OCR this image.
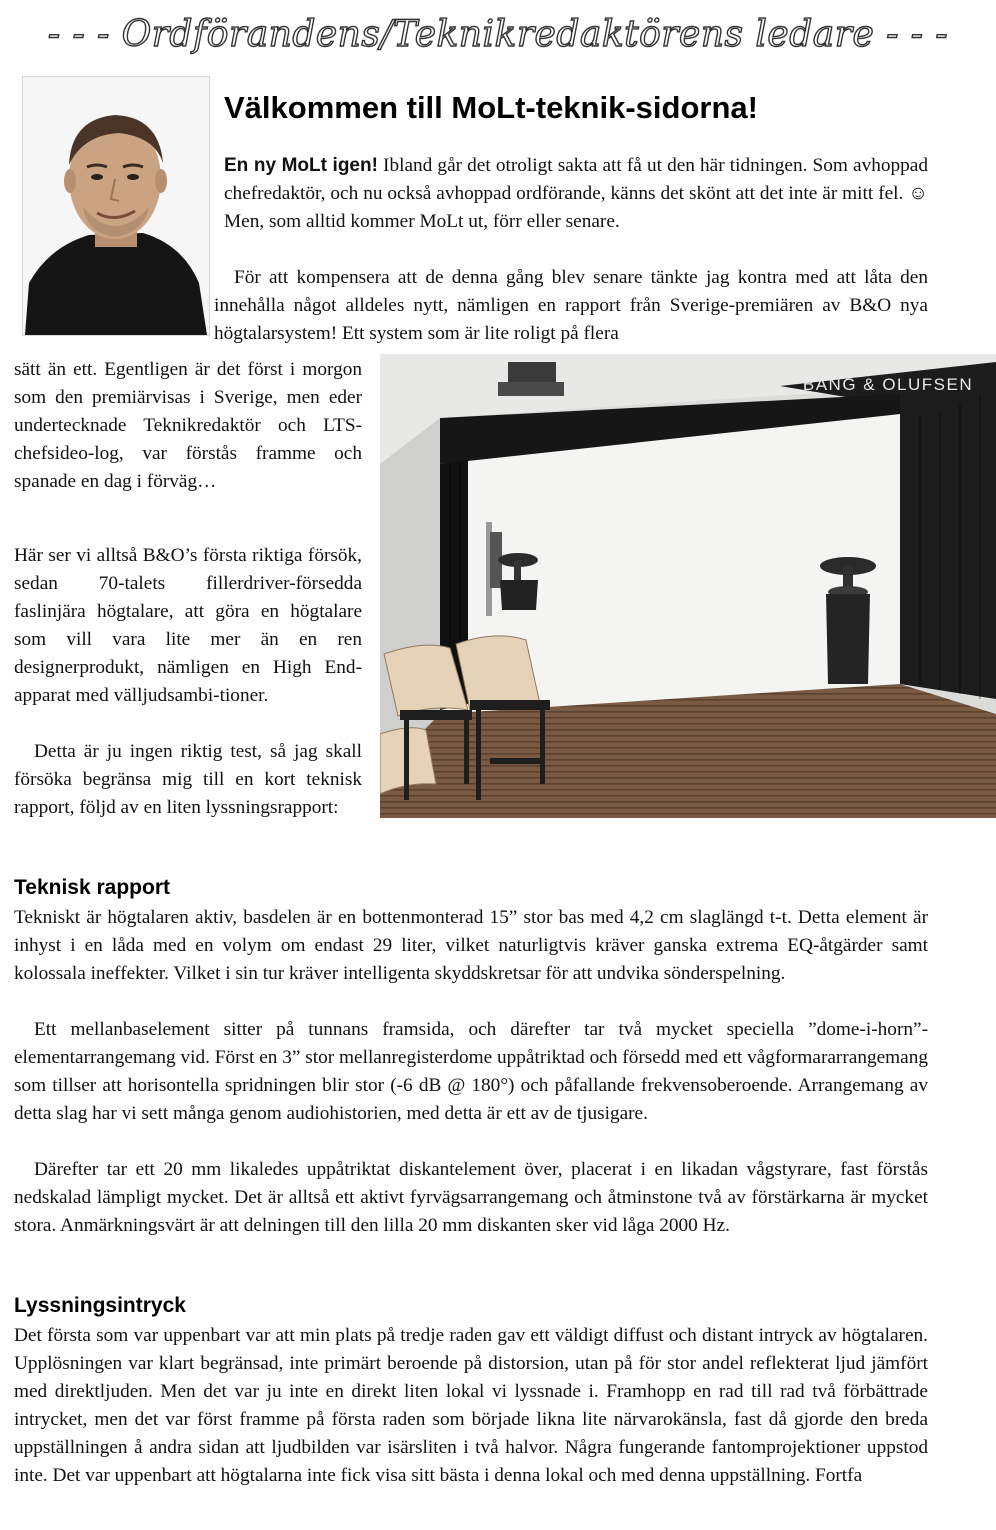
- - - Ordförandens/Teknikredaktörens ledare - - -
Välkommen till MoLt-teknik-sidorna!

En ny MoLt igen! Ibland går det otroligt sakta att få ut den här tidningen. Som avhoppad chefredaktör, och nu också avhoppad ordförande, känns det skönt att det inte är mitt fel. ☺ Men, som alltid kommer MoLt ut, förr eller senare.

För att kompensera att de denna gång blev senare tänkte jag kontra med att låta den innehålla något alldeles nytt, nämligen en rapport från Sverige-premiären av B&O nya högtalarsystem! Ett system som är lite roligt på flera

sätt än ett. Egentligen är det först i morgon som den premiärvisas i Sverige, men eder undertecknade Teknikredaktör och LTS-chefsideo-log, var förstås framme och spanade en dag i förväg…

Här ser vi alltså B&O’s första riktiga försök, sedan 70-talets fillerdriver-försedda faslinjära högtalare, att göra en högtalare som vill vara lite mer än en ren designerprodukt, nämligen en High End-apparat med välljudsambi-tioner.

Detta är ju ingen riktig test, så jag skall försöka begränsa mig till en kort teknisk rapport, följd av en liten lyssningsrapport:

BANG & OLUFSEN
Teknisk rapport

Tekniskt är högtalaren aktiv, basdelen är en bottenmonterad 15” stor bas med 4,2 cm slaglängd t-t. Detta element är inhyst i en låda med en volym om endast 29 liter, vilket naturligtvis kräver ganska extrema EQ-åtgärder samt kolossala ineffekter. Vilket i sin tur kräver intelligenta skyddskretsar för att undvika sönderspelning.

Ett mellanbaselement sitter på tunnans framsida, och därefter tar två mycket speciella ”dome-i-horn”-elementarrangemang vid. Först en 3” stor mellanregisterdome uppåtriktad och försedd med ett vågformararrangemang som tillser att horisontella spridningen blir stor (-6 dB @ 180°) och påfallande frekvensoberoende. Arrangemang av detta slag har vi sett många genom audiohistorien, med detta är ett av de tjusigare.

Därefter tar ett 20 mm likaledes uppåtriktat diskantelement över, placerat i en likadan vågstyrare, fast förstås nedskalad lämpligt mycket. Det är alltså ett aktivt fyrvägsarrangemang och åtminstone två av förstärkarna är mycket stora. Anmärkningsvärt är att delningen till den lilla 20 mm diskanten sker vid låga 2000 Hz.

Lyssningsintryck

Det första som var uppenbart var att min plats på tredje raden gav ett väldigt diffust och distant intryck av högtalaren. Upplösningen var klart begränsad, inte primärt beroende på distorsion, utan på för stor andel reflekterat ljud jämfört med direktljuden. Men det var ju inte en direkt liten lokal vi lyssnade i. Framhopp en rad till rad två förbättrade intrycket, men det var först framme på första raden som började likna lite närvarokänsla, fast då gjorde den breda uppställningen å andra sidan att ljudbilden var isärsliten i två halvor. Några fungerande fantomprojektioner uppstod inte. Det var uppenbart att högtalarna inte fick visa sitt bästa i denna lokal och med denna uppställning. Fortfa
